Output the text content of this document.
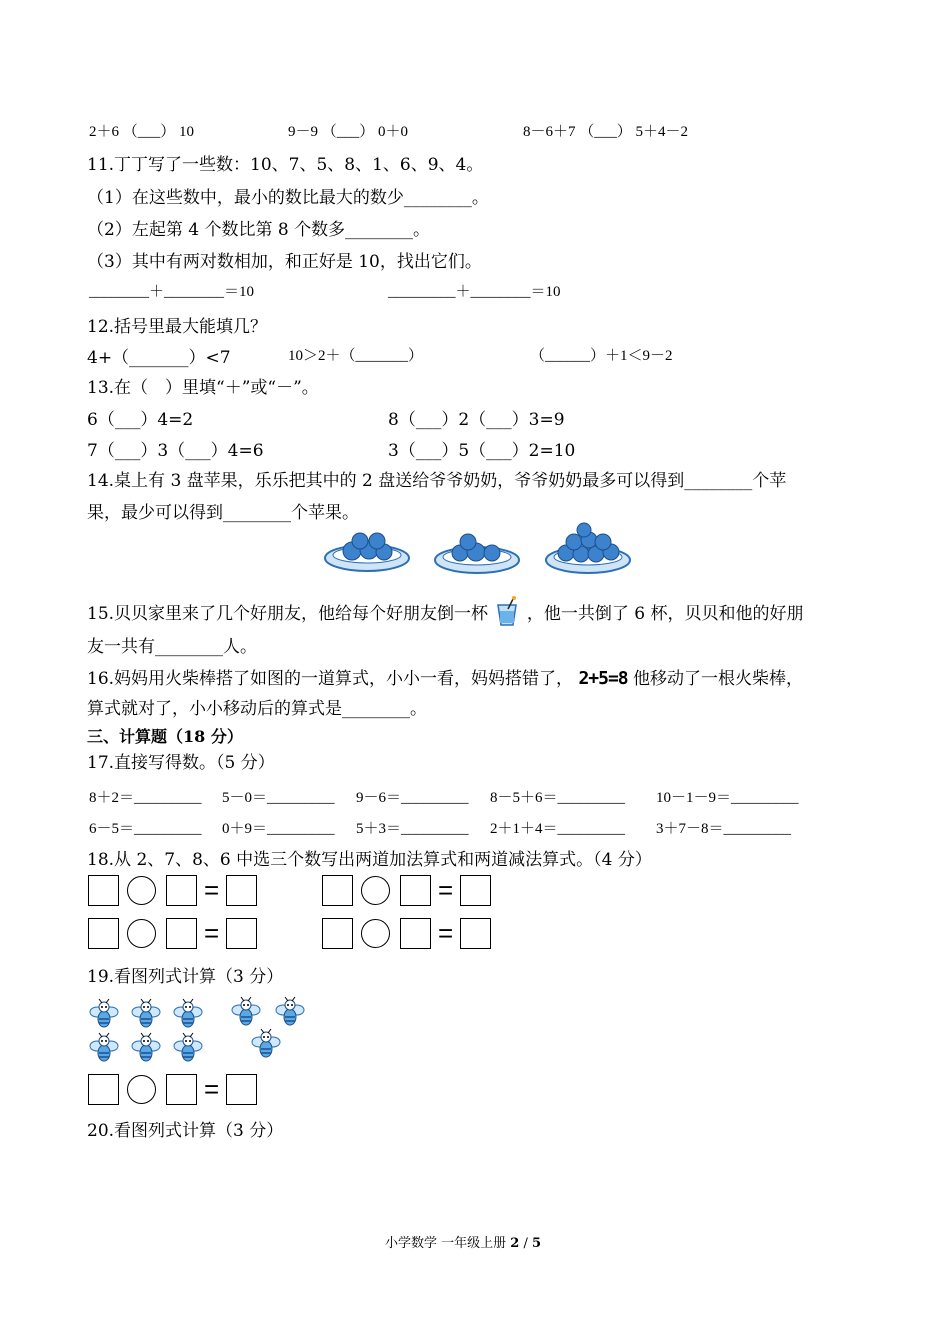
2＋6 （___） 10	9－9 （___） 0＋0	8－6＋7 （___） 5＋4－2
11.丁丁写了一些数：10、7、5、8、1、6、9、4。
（1）在这些数中，最小的数比最大的数少________。
（2）左起第 4 个数比第 8 个数多________。
（3）其中有两对数相加，和正好是 10，找出它们。
________＋________＝10	_________＋________＝10
12.括号里最大能填几？
4+（_______）<7	10＞2＋（_______）	（______）＋1＜9－2
13.在（　）里填“＋”或“－”。
6（___）4=2	8（___）2（___）3=9
7（___）3（___）4=6	3（___）5（___）2=10
14.桌上有 3 盘苹果，乐乐把其中的 2 盘送给爷爷奶奶，爷爷奶奶最多可以得到________个苹
果，最少可以得到________个苹果。
15.贝贝家里来了几个好朋友，他给每个好朋友倒一杯 ，他一共倒了 6 杯，贝贝和他的好朋
友一共有________人。
16.妈妈用火柴棒搭了如图的一道算式，小小一看，妈妈搭错了， 2+5=8 他移动了一根火柴棒，
算式就对了，小小移动后的算式是________。
三、计算题（18 分）
17.直接写得数。（5 分）
8＋2＝_________ 5－0＝_________ 9－6＝_________ 8－5＋6＝_________ 10－1－9＝_________
6－5＝_________ 0＋9＝_________ 5＋3＝_________ 2＋1＋4＝_________ 3＋7－8＝_________
18.从 2、7、8、6 中选三个数写出两道加法算式和两道减法算式。（4 分）
=	=
=	=
19.看图列式计算（3 分）
=
20.看图列式计算（3 分）
小学数学 一年级上册 2 / 5
